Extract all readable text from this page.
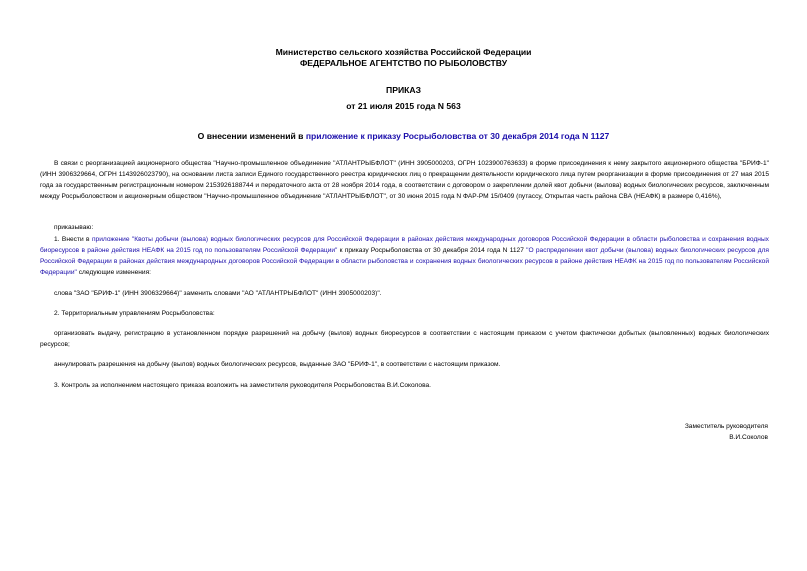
Министерство сельского хозяйства Российской Федерации
ФЕДЕРАЛЬНОЕ АГЕНТСТВО ПО РЫБОЛОВСТВУ
ПРИКАЗ
от 21 июля 2015 года N 563
О внесении изменений в приложение к приказу Росрыболовства от 30 декабря 2014 года N 1127

В связи с реорганизацией акционерного общества "Научно-промышленное объединение "АТЛАНТРЫБФЛОТ" (ИНН 3905000203, ОГРН 1023900763633) в форме присоединения к нему закрытого акционерного общества "БРИФ-1" (ИНН 3906329664, ОГРН 1143926023790), на основании листа записи Единого государственного реестра юридических лиц о прекращении деятельности юридического лица путем реорганизации в форме присоединения от 27 мая 2015 года за государственным регистрационным номером 2153926188744 и передаточного акта от 28 ноября 2014 года, в соответствии с договором о закреплении долей квот добычи (вылова) водных биологических ресурсов, заключенным между Росрыболовством и акционерным обществом "Научно-промышленное объединение "АТЛАНТРЫБФЛОТ", от 30 июня 2015 года N ФАР-РМ 15/0409 (путассу, Открытая часть района СВА (НЕАФК) в размере 0,416%),

приказываю:

1. Внести в приложение "Квоты добычи (вылова) водных биологических ресурсов для Российской Федерации в районах действия международных договоров Российской Федерации в области рыболовства и сохранения водных биоресурсов в районе действия НЕАФК на 2015 год по пользователям Российской Федерации" к приказу Росрыболовства от 30 декабря 2014 года N 1127 "О распределении квот добычи (вылова) водных биологических ресурсов для Российской Федерации в районах действия международных договоров Российской Федерации в области рыболовства и сохранения водных биологических ресурсов в районе действия НЕАФК на 2015 год по пользователям Российской Федерации" следующие изменения:

слова "ЗАО "БРИФ-1" (ИНН 3906329664)" заменить словами "АО "АТЛАНТРЫБФЛОТ" (ИНН 3905000203)".

2. Территориальным управлениям Росрыболовства:

организовать выдачу, регистрацию в установленном порядке разрешений на добычу (вылов) водных биоресурсов в соответствии с настоящим приказом с учетом фактически добытых (выловленных) водных биологических ресурсов;

аннулировать разрешения на добычу (вылов) водных биологических ресурсов, выданные ЗАО "БРИФ-1", в соответствии с настоящим приказом.

3. Контроль за исполнением настоящего приказа возложить на заместителя руководителя Росрыболовства В.И.Соколова.

Заместитель руководителя
В.И.Соколов
